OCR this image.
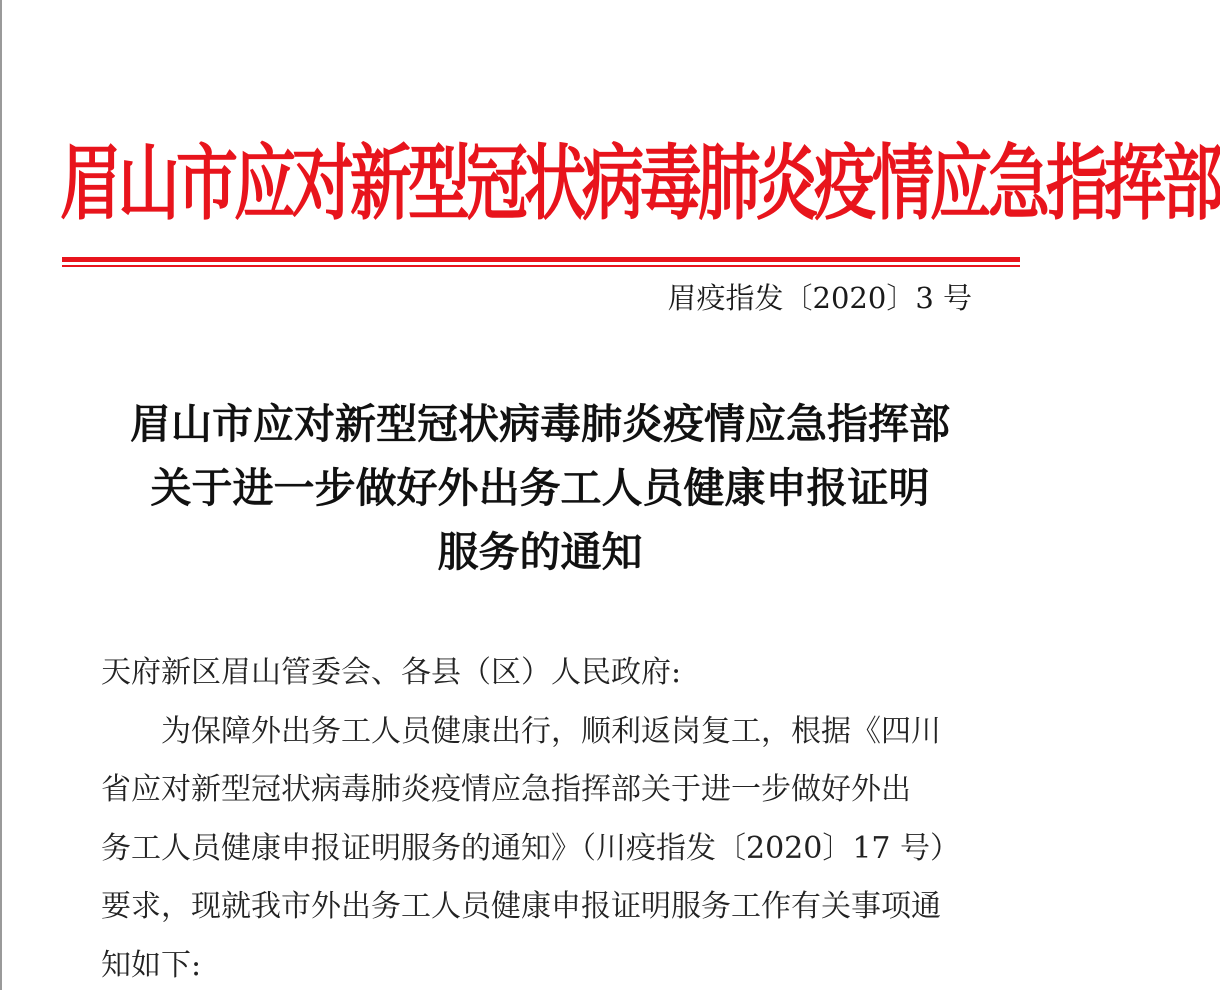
眉山市应对新型冠状病毒肺炎疫情应急指挥部
眉疫指发〔2020〕3 号
眉山市应对新型冠状病毒肺炎疫情应急指挥部
关于进一步做好外出务工人员健康申报证明
服务的通知
天府新区眉山管委会、各县（区）人民政府:
为保障外出务工人员健康出行，顺利返岗复工，根据《四川
省应对新型冠状病毒肺炎疫情应急指挥部关于进一步做好外出
务工人员健康申报证明服务的通知》（川疫指发〔2020〕17 号）
要求，现就我市外出务工人员健康申报证明服务工作有关事项通
知如下:
